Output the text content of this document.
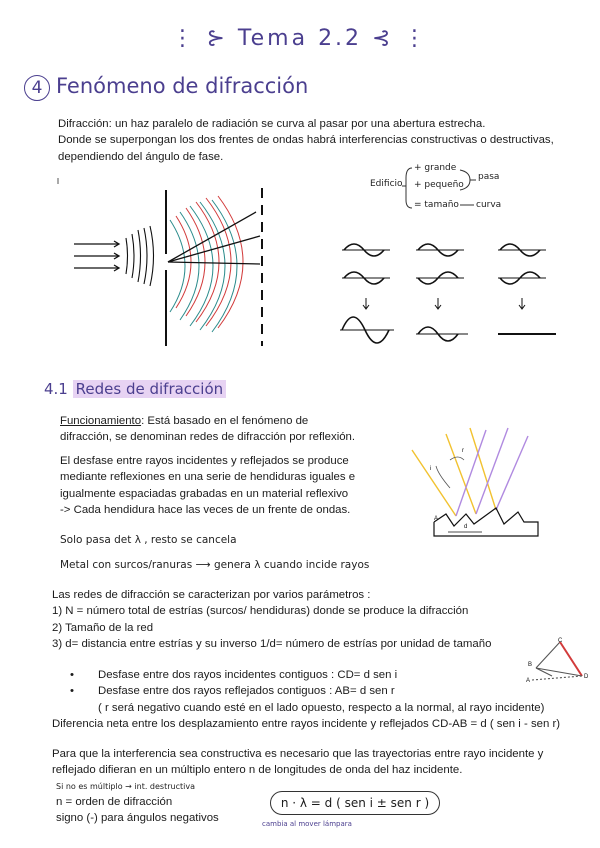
⋮ ⊱ Tema 2.2 ⊰ ⋮
4 Fenómeno de difracción
Difracción: un haz paralelo de radiación se curva al pasar por una abertura estrecha.
Donde se superpongan los dos frentes de ondas habrá interferencias constructivas o destructivas,
dependiendo del ángulo de fase.
Edificio
+ grande
+ pequeño
pasa
= tamaño curva
4.1 Redes de difracción
Funcionamiento: Está basado en el fenómeno de
difracción, se denominan redes de difracción por reflexión.
El desfase entre rayos incidentes y reflejados se produce
mediante reflexiones en una serie de hendiduras iguales e
igualmente espaciadas grabadas en un material reflexivo
-> Cada hendidura hace las veces de un frente de ondas.
d
A
r
i
Solo pasa det λ , resto se cancela
Metal con surcos/ranuras ⟶ genera λ cuando incide rayos
Las redes de difracción se caracterizan por varios parámetros :
1) N = número total de estrías (surcos/ hendiduras) donde se produce la difracción
2) Tamaño de la red
3) d= distancia entre estrías y su inverso 1/d= número de estrías por unidad de tamaño	C
D
B
A
• Desfase entre dos rayos incidentes contiguos : CD= d sen i
• Desfase entre dos rayos reflejados contiguos : AB= d sen r
( r será negativo cuando esté en el lado opuesto, respecto a la normal, al rayo incidente)
Diferencia neta entre los desplazamiento entre rayos incidente y reflejados CD-AB = d ( sen i - sen r)
Para que la interferencia sea constructiva es necesario que las trayectorias entre rayo incidente y
reflejado difieran en un múltiplo entero n de longitudes de onda del haz incidente.
Si no es múltiplo → int. destructiva
n = orden de difracción
signo (-) para ángulos negativos
n · λ = d ( sen i ± sen r )
cambia al mover lámpara
